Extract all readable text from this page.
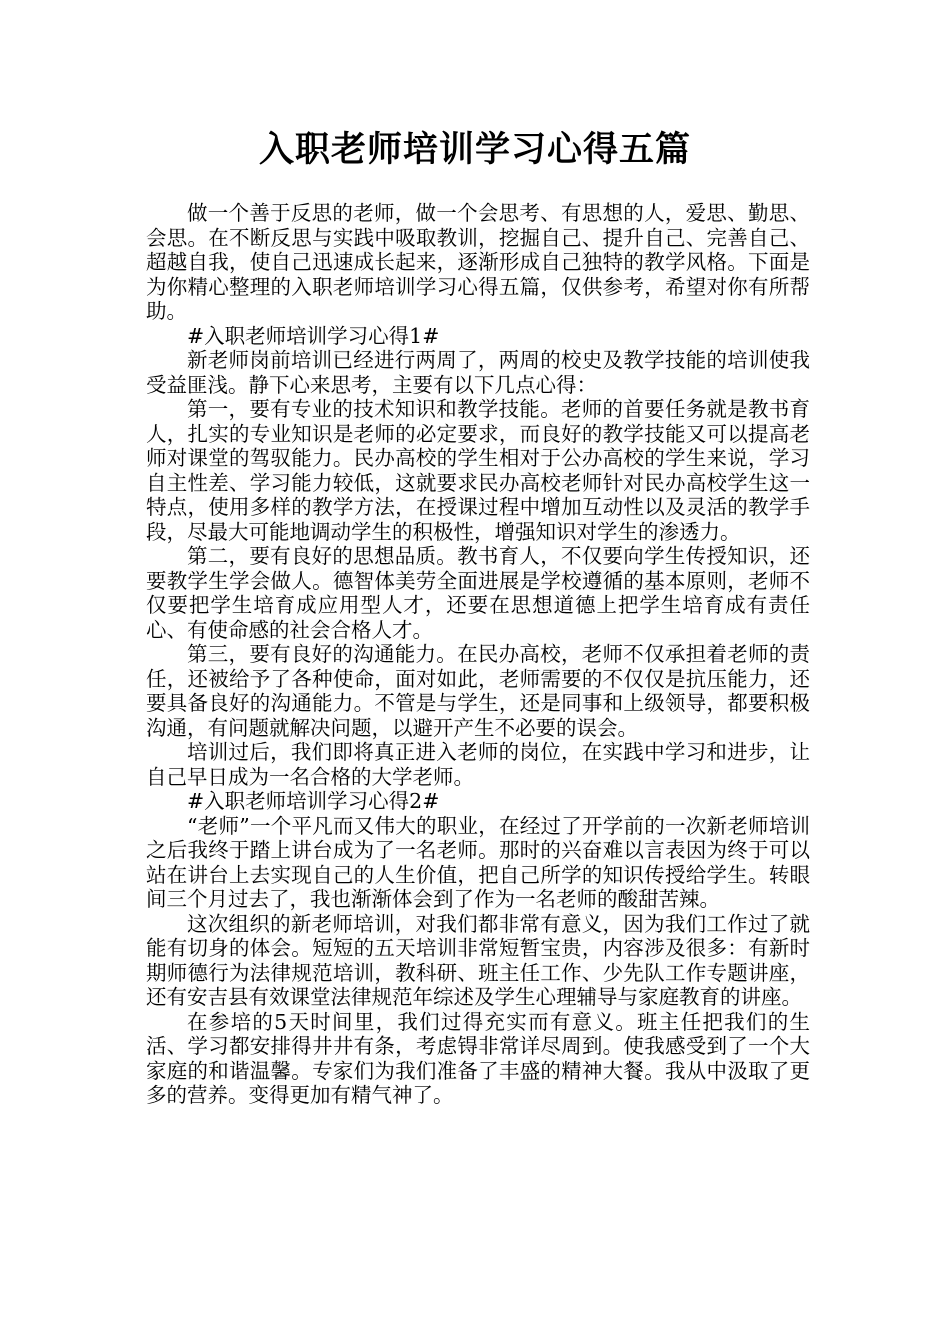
入职老师培训学习心得五篇

做一个善于反思的老师，做一个会思考、有思想的人，爱思、勤思、会思。在不断反思与实践中吸取教训，挖掘自己、提升自己、完善自己、超越自我，使自己迅速成长起来，逐渐形成自己独特的教学风格。下面是为你精心整理的入职老师培训学习心得五篇，仅供参考，希望对你有所帮助。

#入职老师培训学习心得1#

新老师岗前培训已经进行两周了，两周的校史及教学技能的培训使我受益匪浅。静下心来思考，主要有以下几点心得：

第一，要有专业的技术知识和教学技能。老师的首要任务就是教书育人，扎实的专业知识是老师的必定要求，而良好的教学技能又可以提高老师对课堂的驾驭能力。民办高校的学生相对于公办高校的学生来说，学习自主性差、学习能力较低，这就要求民办高校老师针对民办高校学生这一特点，使用多样的教学方法，在授课过程中增加互动性以及灵活的教学手段，尽最大可能地调动学生的积极性，增强知识对学生的渗透力。

第二，要有良好的思想品质。教书育人，不仅要向学生传授知识，还要教学生学会做人。德智体美劳全面进展是学校遵循的基本原则，老师不仅要把学生培育成应用型人才，还要在思想道德上把学生培育成有责任心、有使命感的社会合格人才。

第三，要有良好的沟通能力。在民办高校，老师不仅承担着老师的责任，还被给予了各种使命，面对如此，老师需要的不仅仅是抗压能力，还要具备良好的沟通能力。不管是与学生，还是同事和上级领导，都要积极沟通，有问题就解决问题，以避开产生不必要的误会。

培训过后，我们即将真正进入老师的岗位，在实践中学习和进步，让自己早日成为一名合格的大学老师。

#入职老师培训学习心得2#

“老师”一个平凡而又伟大的职业，在经过了开学前的一次新老师培训之后我终于踏上讲台成为了一名老师。那时的兴奋难以言表因为终于可以站在讲台上去实现自己的人生价值，把自己所学的知识传授给学生。转眼间三个月过去了，我也渐渐体会到了作为一名老师的酸甜苦辣。

这次组织的新老师培训，对我们都非常有意义，因为我们工作过了就能有切身的体会。短短的五天培训非常短暂宝贵，内容涉及很多：有新时期师德行为法律规范培训，教科研、班主任工作、少先队工作专题讲座，还有安吉县有效课堂法律规范年综述及学生心理辅导与家庭教育的讲座。

在参培的5天时间里，我们过得充实而有意义。班主任把我们的生活、学习都安排得井井有条，考虑锝非常详尽周到。使我感受到了一个大家庭的和谐温馨。专家们为我们准备了丰盛的精神大餐。我从中汲取了更多的营养。变得更加有精气神了。
